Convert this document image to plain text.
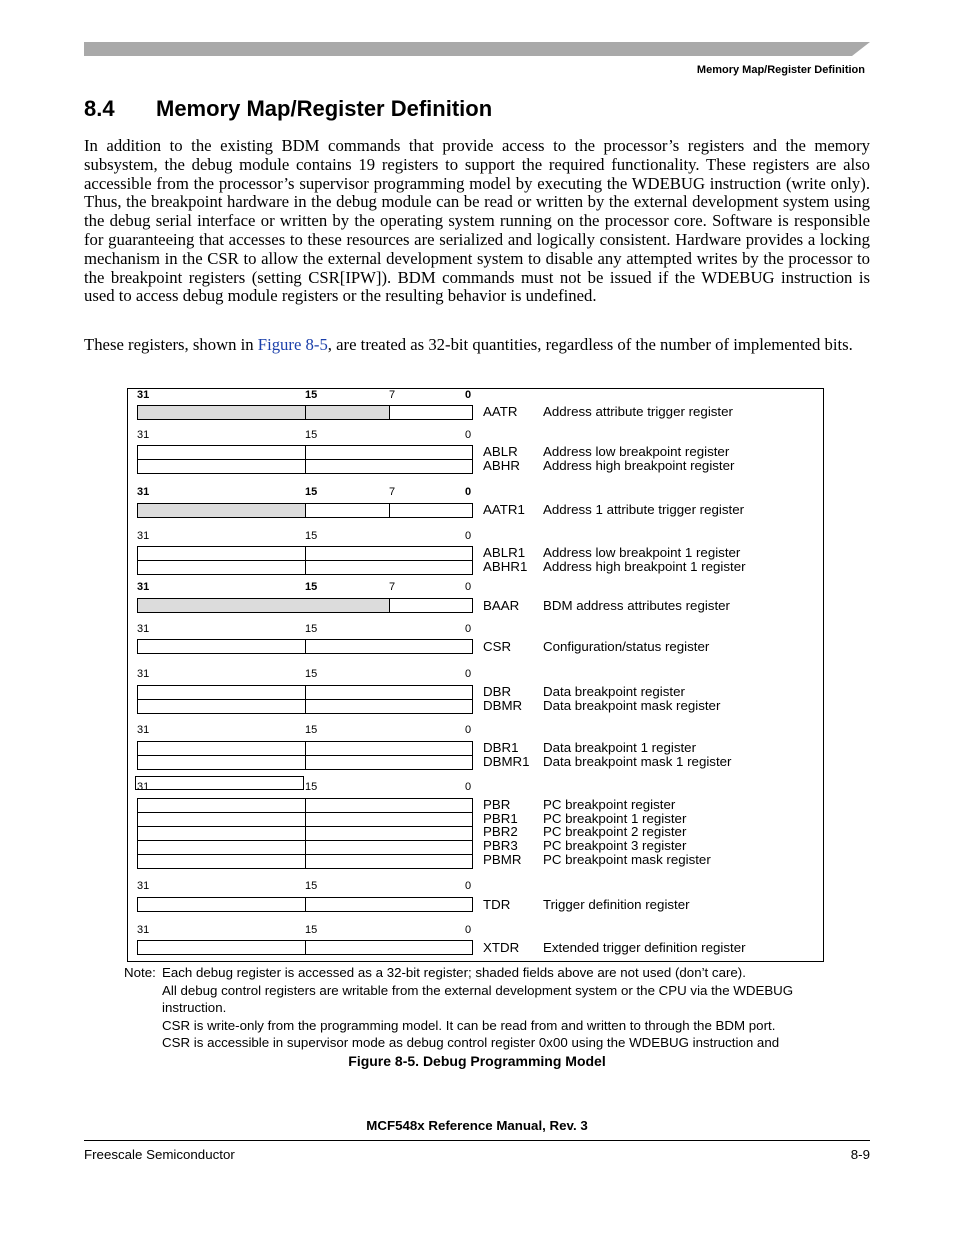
Memory Map/Register Definition
8.4 Memory Map/Register Definition
In addition to the existing BDM commands that provide access to the processor’s registers and the memory subsystem, the debug module contains 19 registers to support the required functionality. These registers are also accessible from the processor’s supervisor programming model by executing the WDEBUG instruction (write only). Thus, the breakpoint hardware in the debug module can be read or written by the external development system using the debug serial interface or written by the operating system running on the processor core. Software is responsible for guaranteeing that accesses to these resources are serialized and logically consistent. Hardware provides a locking mechanism in the CSR to allow the external development system to disable any attempted writes by the processor to the breakpoint registers (setting CSR[IPW]). BDM commands must not be issued if the WDEBUG instruction is used to access debug module registers or the resulting behavior is undefined.
These registers, shown in Figure 8-5, are treated as 32-bit quantities, regardless of the number of implemented bits.
31	15	7	0
AATR Address attribute trigger register
31	15	0
ABLR Address low breakpoint register
ABHR Address high breakpoint register
31	15	7	0
AATR1 Address 1 attribute trigger register
31	15	0
ABLR1 Address low breakpoint 1 register
ABHR1 Address high breakpoint 1 register
31	15	7	0
BAAR BDM address attributes register
31	15	0
CSR Configuration/status register
31	15	0
DBR Data breakpoint register
DBMR Data breakpoint mask register
31	15	0
DBR1 Data breakpoint 1 register
DBMR1 Data breakpoint mask 1 register
31	15	0
PBR PC breakpoint register
PBR1 PC breakpoint 1 register
PBR2 PC breakpoint 2 register
PBR3 PC breakpoint 3 register
PBMR PC breakpoint mask register
31	15	0
TDR Trigger definition register
31	15	0
XTDR Extended trigger definition register
Note: Each debug register is accessed as a 32-bit register; shaded fields above are not used (don’t care).
All debug control registers are writable from the external development system or the CPU via the WDEBUG
instruction.
CSR is write-only from the programming model. It can be read from and written to through the BDM port.
CSR is accessible in supervisor mode as debug control register 0x00 using the WDEBUG instruction and
Figure 8-5. Debug Programming Model
MCF548x Reference Manual, Rev. 3
Freescale Semiconductor	8-9
